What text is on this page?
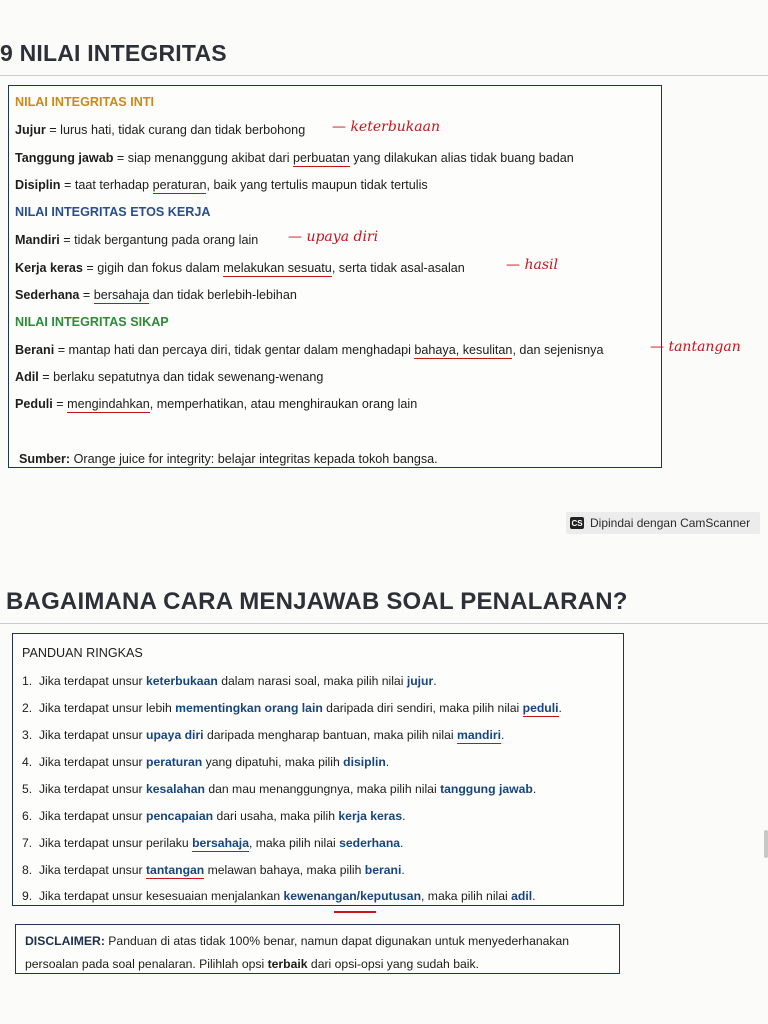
9 NILAI INTEGRITAS
NILAI INTEGRITAS INTI
Jujur = lurus hati, tidak curang dan tidak berbohong
Tanggung jawab = siap menanggung akibat dari perbuatan yang dilakukan alias tidak buang badan
Disiplin = taat terhadap peraturan, baik yang tertulis maupun tidak tertulis
NILAI INTEGRITAS ETOS KERJA
Mandiri = tidak bergantung pada orang lain
Kerja keras = gigih dan fokus dalam melakukan sesuatu, serta tidak asal-asalan
Sederhana = bersahaja dan tidak berlebih-lebihan
NILAI INTEGRITAS SIKAP
Berani = mantap hati dan percaya diri, tidak gentar dalam menghadapi bahaya, kesulitan, dan sejenisnya
Adil = berlaku sepatutnya dan tidak sewenang-wenang
Peduli = mengindahkan, memperhatikan, atau menghiraukan orang lain
Sumber: Orange juice for integrity: belajar integritas kepada tokoh bangsa.
— keterbukaan
— upaya diri
— hasil
— tantangan
CS Dipindai dengan CamScanner
BAGAIMANA CARA MENJAWAB SOAL PENALARAN?
PANDUAN RINGKAS
1. Jika terdapat unsur keterbukaan dalam narasi soal, maka pilih nilai jujur.
2. Jika terdapat unsur lebih mementingkan orang lain daripada diri sendiri, maka pilih nilai peduli.
3. Jika terdapat unsur upaya diri daripada mengharap bantuan, maka pilih nilai mandiri.
4. Jika terdapat unsur peraturan yang dipatuhi, maka pilih disiplin.
5. Jika terdapat unsur kesalahan dan mau menanggungnya, maka pilih nilai tanggung jawab.
6. Jika terdapat unsur pencapaian dari usaha, maka pilih kerja keras.
7. Jika terdapat unsur perilaku bersahaja, maka pilih nilai sederhana.
8. Jika terdapat unsur tantangan melawan bahaya, maka pilih berani.
9. Jika terdapat unsur kesesuaian menjalankan kewenangan/keputusan, maka pilih nilai adil.
DISCLAIMER: Panduan di atas tidak 100% benar, namun dapat digunakan untuk menyederhanakan
persoalan pada soal penalaran. Pilihlah opsi terbaik dari opsi-opsi yang sudah baik.
